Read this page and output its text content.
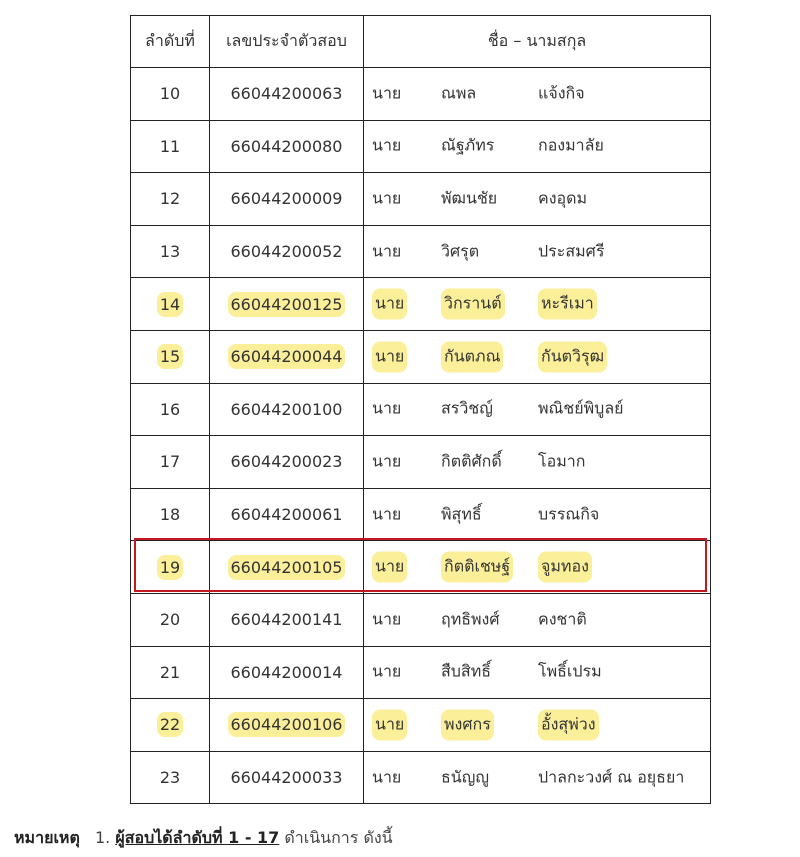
ลำดับที่	เลขประจำตัวสอบ	ชื่อ – นามสกุล
10	66044200063	นาย ณพล แจ้งกิจ

11	66044200080	นาย ณัฐภัทร กองมาลัย

12	66044200009	นาย พัฒนชัย คงอุดม

13	66044200052	นาย วิศรุต ประสมศรี

14	66044200125	นาย วิกรานต์ หะรีเมา

15	66044200044	นาย กันตภณ กันตวิรุฒ

16	66044200100	นาย สรวิชญ์ พณิชย์พิบูลย์

17	66044200023	นาย กิตติศักดิ์ โอมาก

18	66044200061	นาย พิสุทธิ์ บรรณกิจ

19	66044200105	นาย กิตติเชษฐ์ จูมทอง

20	66044200141	นาย ฤทธิพงศ์ คงชาติ

21	66044200014	นาย สืบสิทธิ์ โพธิ์เปรม

22	66044200106	นาย พงศกร อั้งสุพ่วง

23	66044200033	นาย ธนัญญู ปาลกะวงศ์ ณ อยุธยา
หมายเหตุ 1. ผู้สอบได้ลำดับที่ 1 - 17 ดำเนินการ ดังนี้
